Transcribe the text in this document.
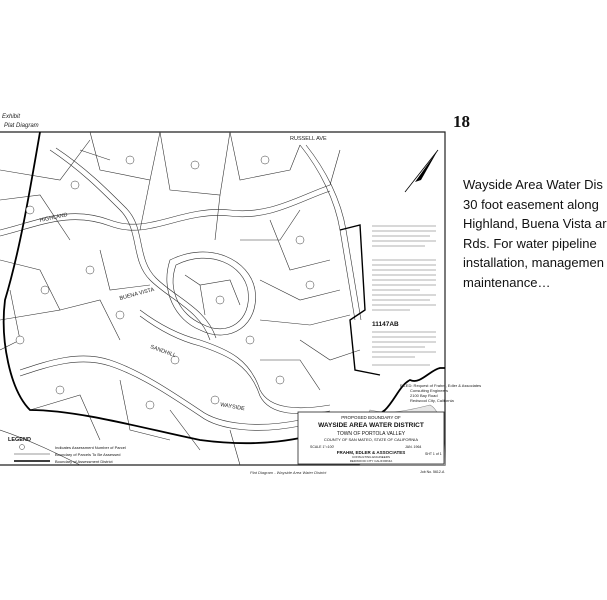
Exhibit
Plat Diagram
RUSSELL AVE
HIGHLAND
BUENA VISTA
WAYSIDE
SANDHILL
11147AB
FILED: Request of Frahm, Edler & Associates
Consulting Engineers
2100 Bay Road
Redwood City, California
PROPOSED BOUNDARY OF
WAYSIDE AREA WATER DISTRICT
TOWN OF PORTOLA VALLEY
COUNTY OF SAN MATEO, STATE OF CALIFORNIA
SCALE 1"=100'	JAN. 1964
FRAHM, EDLER & ASSOCIATES
CONSULTING ENGINEERS
REDWOOD CITY CALIFORNIA
SHT 1 of 1
Job No. 5612-A
LEGEND
Indicates Assessment Number of Parcel
Boundary of Parcels To Be Assessed
Boundary of Assessment District
Plat Diagram - Wayside Area Water District
18
Wayside Area Water Dis
30 foot easement along
Highland, Buena Vista ar
Rds. For water pipeline
installation, managemen
maintenance…
